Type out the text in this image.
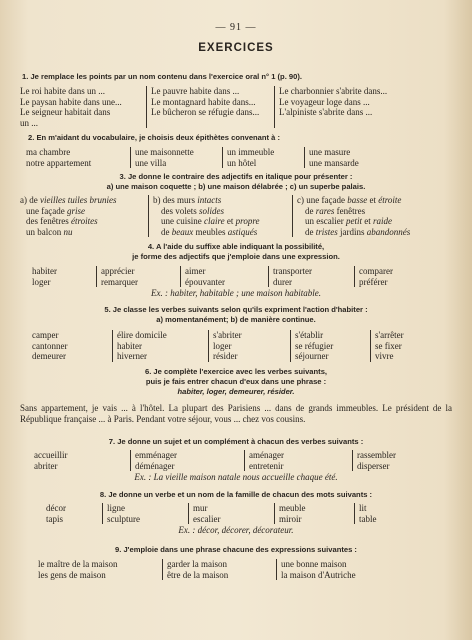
— 91 —
EXERCICES
1. Je remplace les points par un nom contenu dans l'exercice oral n° 1 (p. 90).
Le roi habite dans un ...
Le paysan habite dans une...
Le seigneur habitait dans
un ...
Le pauvre habite dans ...
Le montagnard habite dans...
Le bûcheron se réfugie dans...
Le charbonnier s'abrite dans...
Le voyageur loge dans ...
L'alpiniste s'abrite dans ...
2. En m'aidant du vocabulaire, je choisis deux épithètes convenant à :
ma chambre
notre appartement
une maisonnette
une villa
un immeuble
un hôtel
une masure
une mansarde
3. Je donne le contraire des adjectifs en italique pour présenter :
a) une maison coquette ; b) une maison délabrée ; c) un superbe palais.
a) de vieilles tuiles brunies
une façade grise
des fenêtres étroites
un balcon nu
b) des murs intacts
des volets solides
une cuisine claire et propre
de beaux meubles astiqués
c) une façade basse et étroite
de rares fenêtres
un escalier petit et raide
de tristes jardins abandonnés
4. A l'aide du suffixe able indiquant la possibilité,
je forme des adjectifs que j'emploie dans une expression.
habiter
loger
apprécier
remarquer
aimer
épouvanter
transporter
durer
comparer
préférer
Ex. : habiter, habitable ; une maison habitable.
5. Je classe les verbes suivants selon qu'ils expriment l'action d'habiter :
a) momentanément; b) de manière continue.
camper
cantonner
demeurer
élire domicile
habiter
hiverner
s'abriter
loger
résider
s'établir
se réfugier
séjourner
s'arrêter
se fixer
vivre
6. Je complète l'exercice avec les verbes suivants,
puis je fais entrer chacun d'eux dans une phrase :
habiter, loger, demeurer, résider.
Sans appartement, je vais ... à l'hôtel. La plupart des Parisiens ... dans de grands immeubles. Le président de la République française ... à Paris. Pendant votre séjour, vous ... chez vos cousins.
7. Je donne un sujet et un complément à chacun des verbes suivants :
accueillir
abriter
emménager
déménager
aménager
entretenir
rassembler
disperser
Ex. : La vieille maison natale nous accueille chaque été.
8. Je donne un verbe et un nom de la famille de chacun des mots suivants :
décor
tapis
ligne
sculpture
mur
escalier
meuble
miroir
lit
table
Ex. : décor, décorer, décorateur.
9. J'emploie dans une phrase chacune des expressions suivantes :
le maître de la maison
les gens de maison
garder la maison
être de la maison
une bonne maison
la maison d'Autriche
